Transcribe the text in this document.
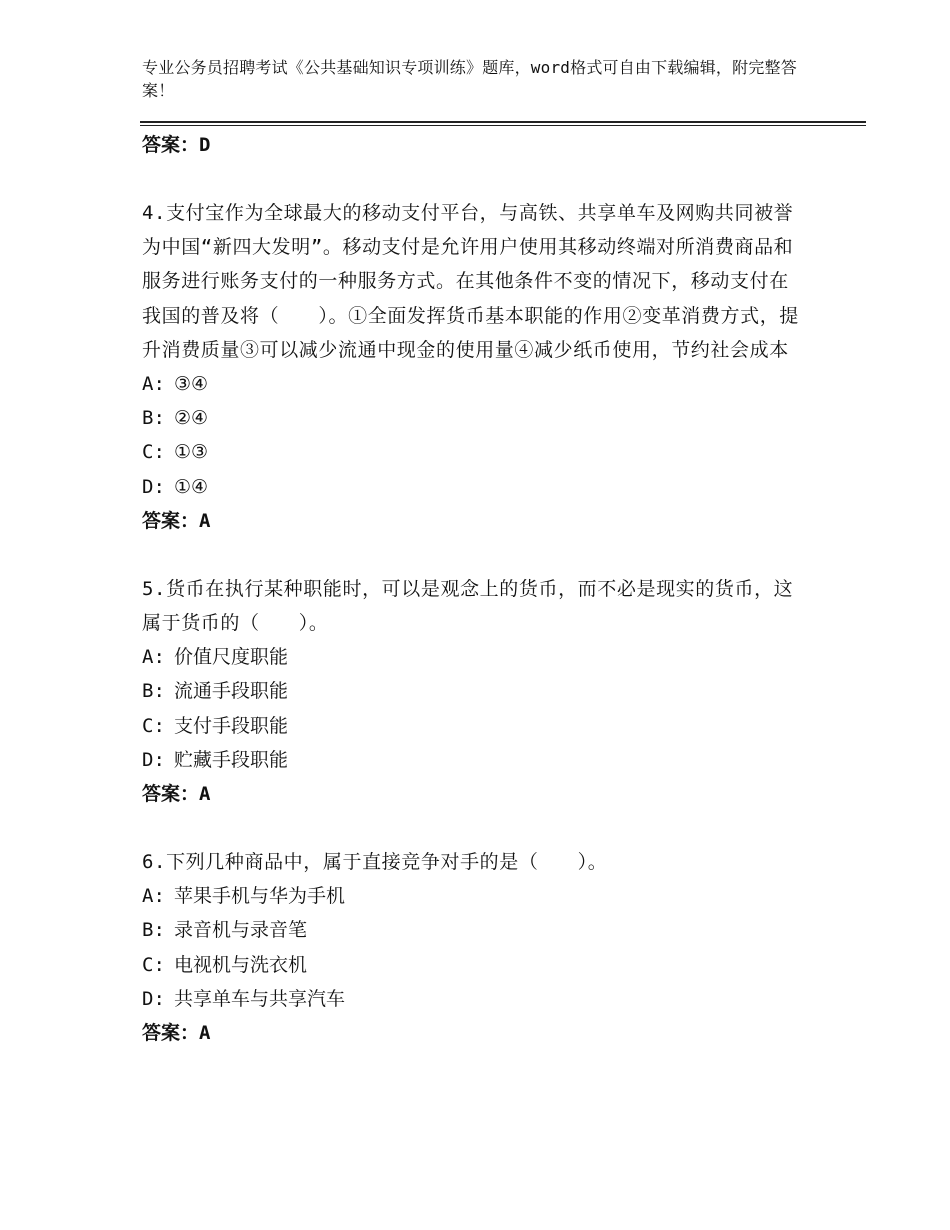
专业公务员招聘考试《公共基础知识专项训练》题库，word格式可自由下载编辑，附完整答案！
答案：D
4.支付宝作为全球最大的移动支付平台，与高铁、共享单车及网购共同被誉为中国“新四大发明”。移动支付是允许用户使用其移动终端对所消费商品和服务进行账务支付的一种服务方式。在其他条件不变的情况下，移动支付在我国的普及将（　　）。①全面发挥货币基本职能的作用②变革消费方式，提升消费质量③可以减少流通中现金的使用量④减少纸币使用，节约社会成本
A: ③④
B: ②④
C: ①③
D: ①④
答案：A
5.货币在执行某种职能时，可以是观念上的货币，而不必是现实的货币，这属于货币的（　　）。
A: 价值尺度职能
B: 流通手段职能
C: 支付手段职能
D: 贮藏手段职能
答案：A
6.下列几种商品中，属于直接竞争对手的是（　　）。
A: 苹果手机与华为手机
B: 录音机与录音笔
C: 电视机与洗衣机
D: 共享单车与共享汽车
答案：A
